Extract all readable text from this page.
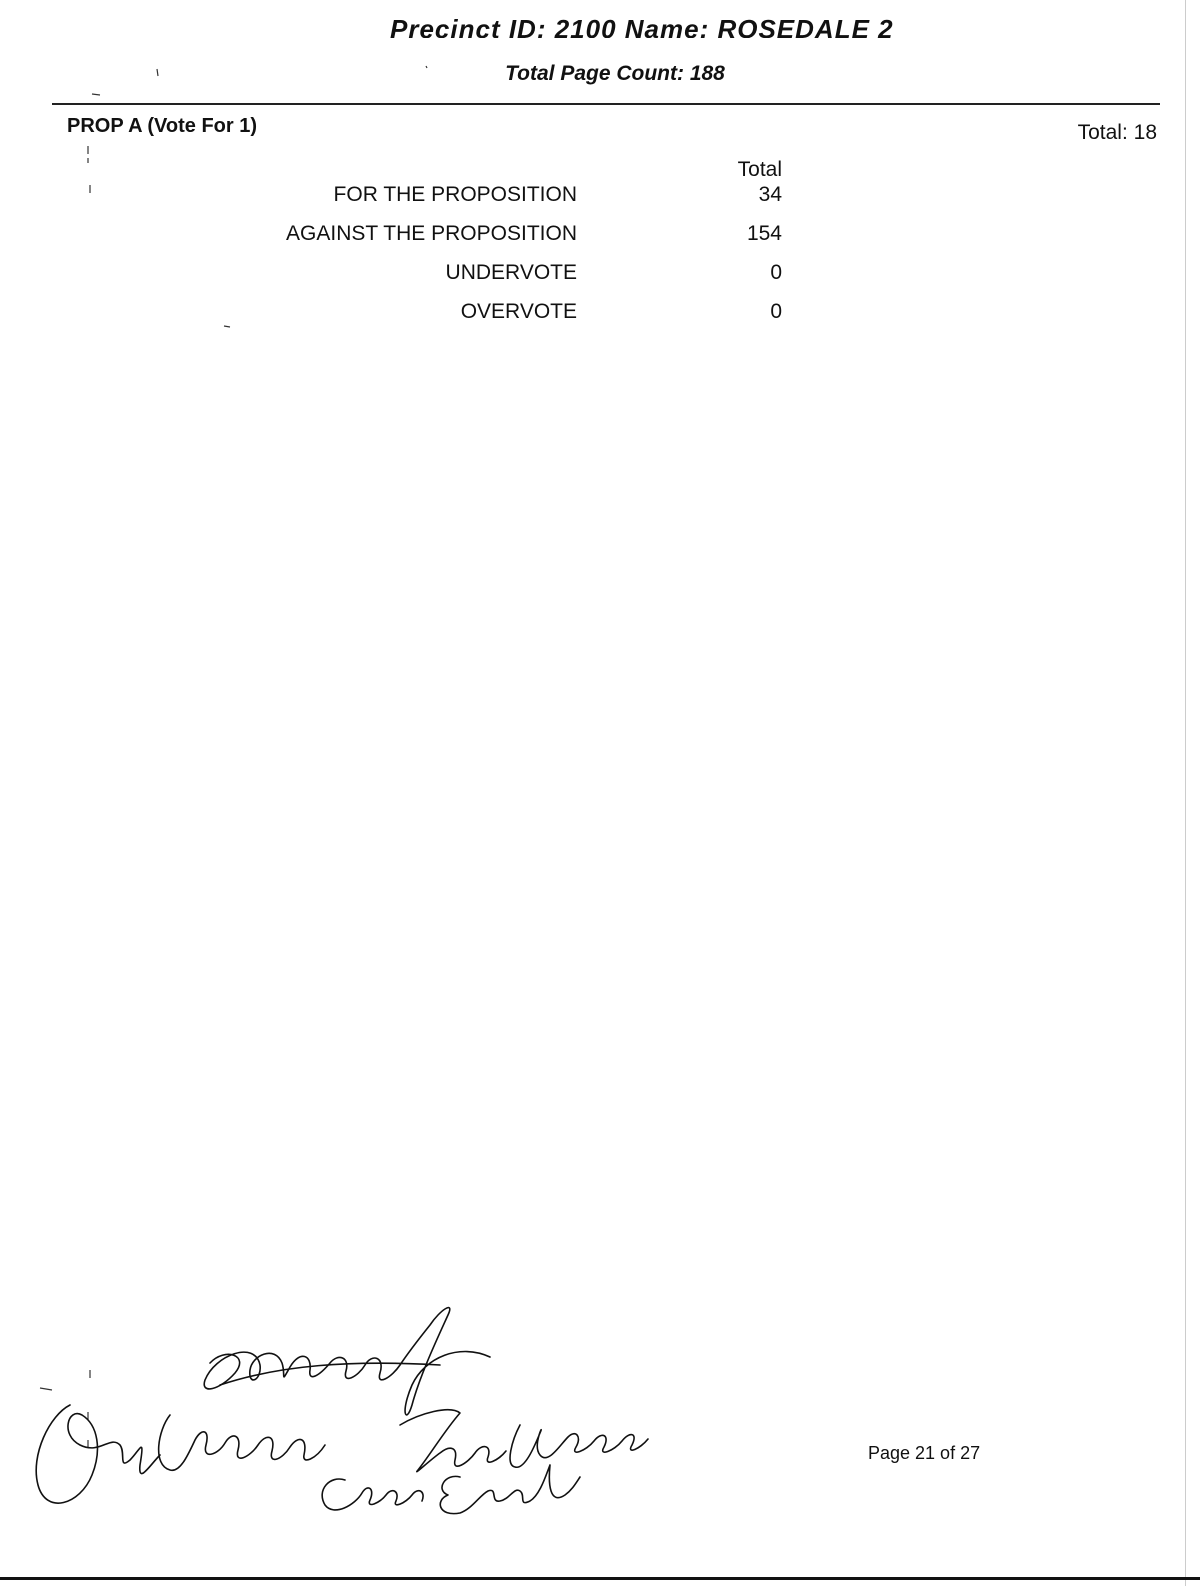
Precinct ID: 2100 Name: ROSEDALE 2
Total Page Count: 188
PROP A (Vote For 1)	Total: 18
Total
FOR THE PROPOSITION	34
AGAINST THE PROPOSITION	154
UNDERVOTE	0
OVERVOTE	0
Page 21 of 27
